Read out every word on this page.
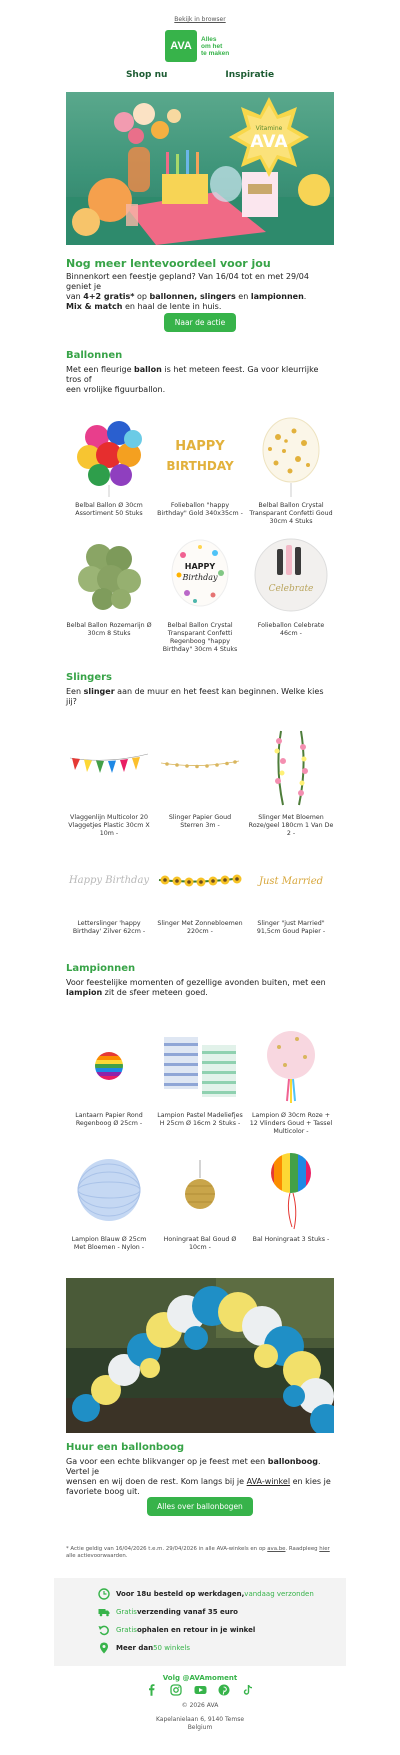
Bekijk in browser
AVA
Alles
om het
te maken
Shop nu	Inspiratie
Vitamine
AVA
Nog meer lentevoordeel voor jou
Binnenkort een feestje gepland? Van 16/04 tot en met 29/04 geniet je
van 4+2 gratis* op ballonnen, slingers en lampionnen.
Mix & match en haal de lente in huis.
Naar de actie
Ballonnen
Met een fleurige ballon is het meteen feest. Ga voor kleurrijke tros of
een vrolijke figuurballon.
Belbal Ballon Ø 30cm Assortiment 50 Stuks
HAPPY
BIRTHDAY
Folieballon "happy Birthday" Gold 340x35cm -
Belbal Ballon Crystal Transparant Confetti Goud 30cm 4 Stuks
Belbal Ballon Rozemarijn Ø 30cm 8 Stuks
HAPPY
Birthday
Belbal Ballon Crystal Transparant Confetti Regenboog "happy Birthday" 30cm 4 Stuks
Celebrate
Folieballon Celebrate 46cm -
Slingers
Een slinger aan de muur en het feest kan beginnen. Welke kies jij?
Vlaggenlijn Multicolor 20 Vlaggetjes Plastic 30cm X 10m -
Slinger Papier Goud Sterren 3m -
Slinger Met Bloemen Roze/geel 180cm 1 Van De 2 -
Happy Birthday
Letterslinger 'happy Birthday' Zilver 62cm -
Slinger Met Zonnebloemen 220cm -
Just Married
Slinger "just Married" 91,5cm Goud Papier -
Lampionnen
Voor feestelijke momenten of gezellige avonden buiten, met een
lampion zit de sfeer meteen goed.
Lantaarn Papier Rond Regenboog Ø 25cm -
Lampion Pastel Madeliefjes H 25cm Ø 16cm 2 Stuks -
Lampion Ø 30cm Roze + 12 Vlinders Goud + Tassel Multicolor -
Lampion Blauw Ø 25cm Met Bloemen - Nylon -
Honingraat Bal Goud Ø 10cm -
Bal Honingraat 3 Stuks -
Huur een ballonboog
Ga voor een echte blikvanger op je feest met een ballonboog. Vertel je
wensen en wij doen de rest. Kom langs bij je AVA-winkel en kies je
favoriete boog uit.
Alles over ballonbogen
* Actie geldig van 16/04/2026 t.e.m. 29/04/2026 in alle AVA-winkels en op ava.be. Raadpleeg hier
alle actievoorwaarden.
Voor 18u besteld op werkdagen, vandaag verzonden
Gratis verzending vanaf 35 euro
Gratis ophalen en retour in je winkel
Meer dan 50 winkels
Volg @AVAmoment
© 2026 AVA
Kapelanielaan 6, 9140 Temse
Belgium
